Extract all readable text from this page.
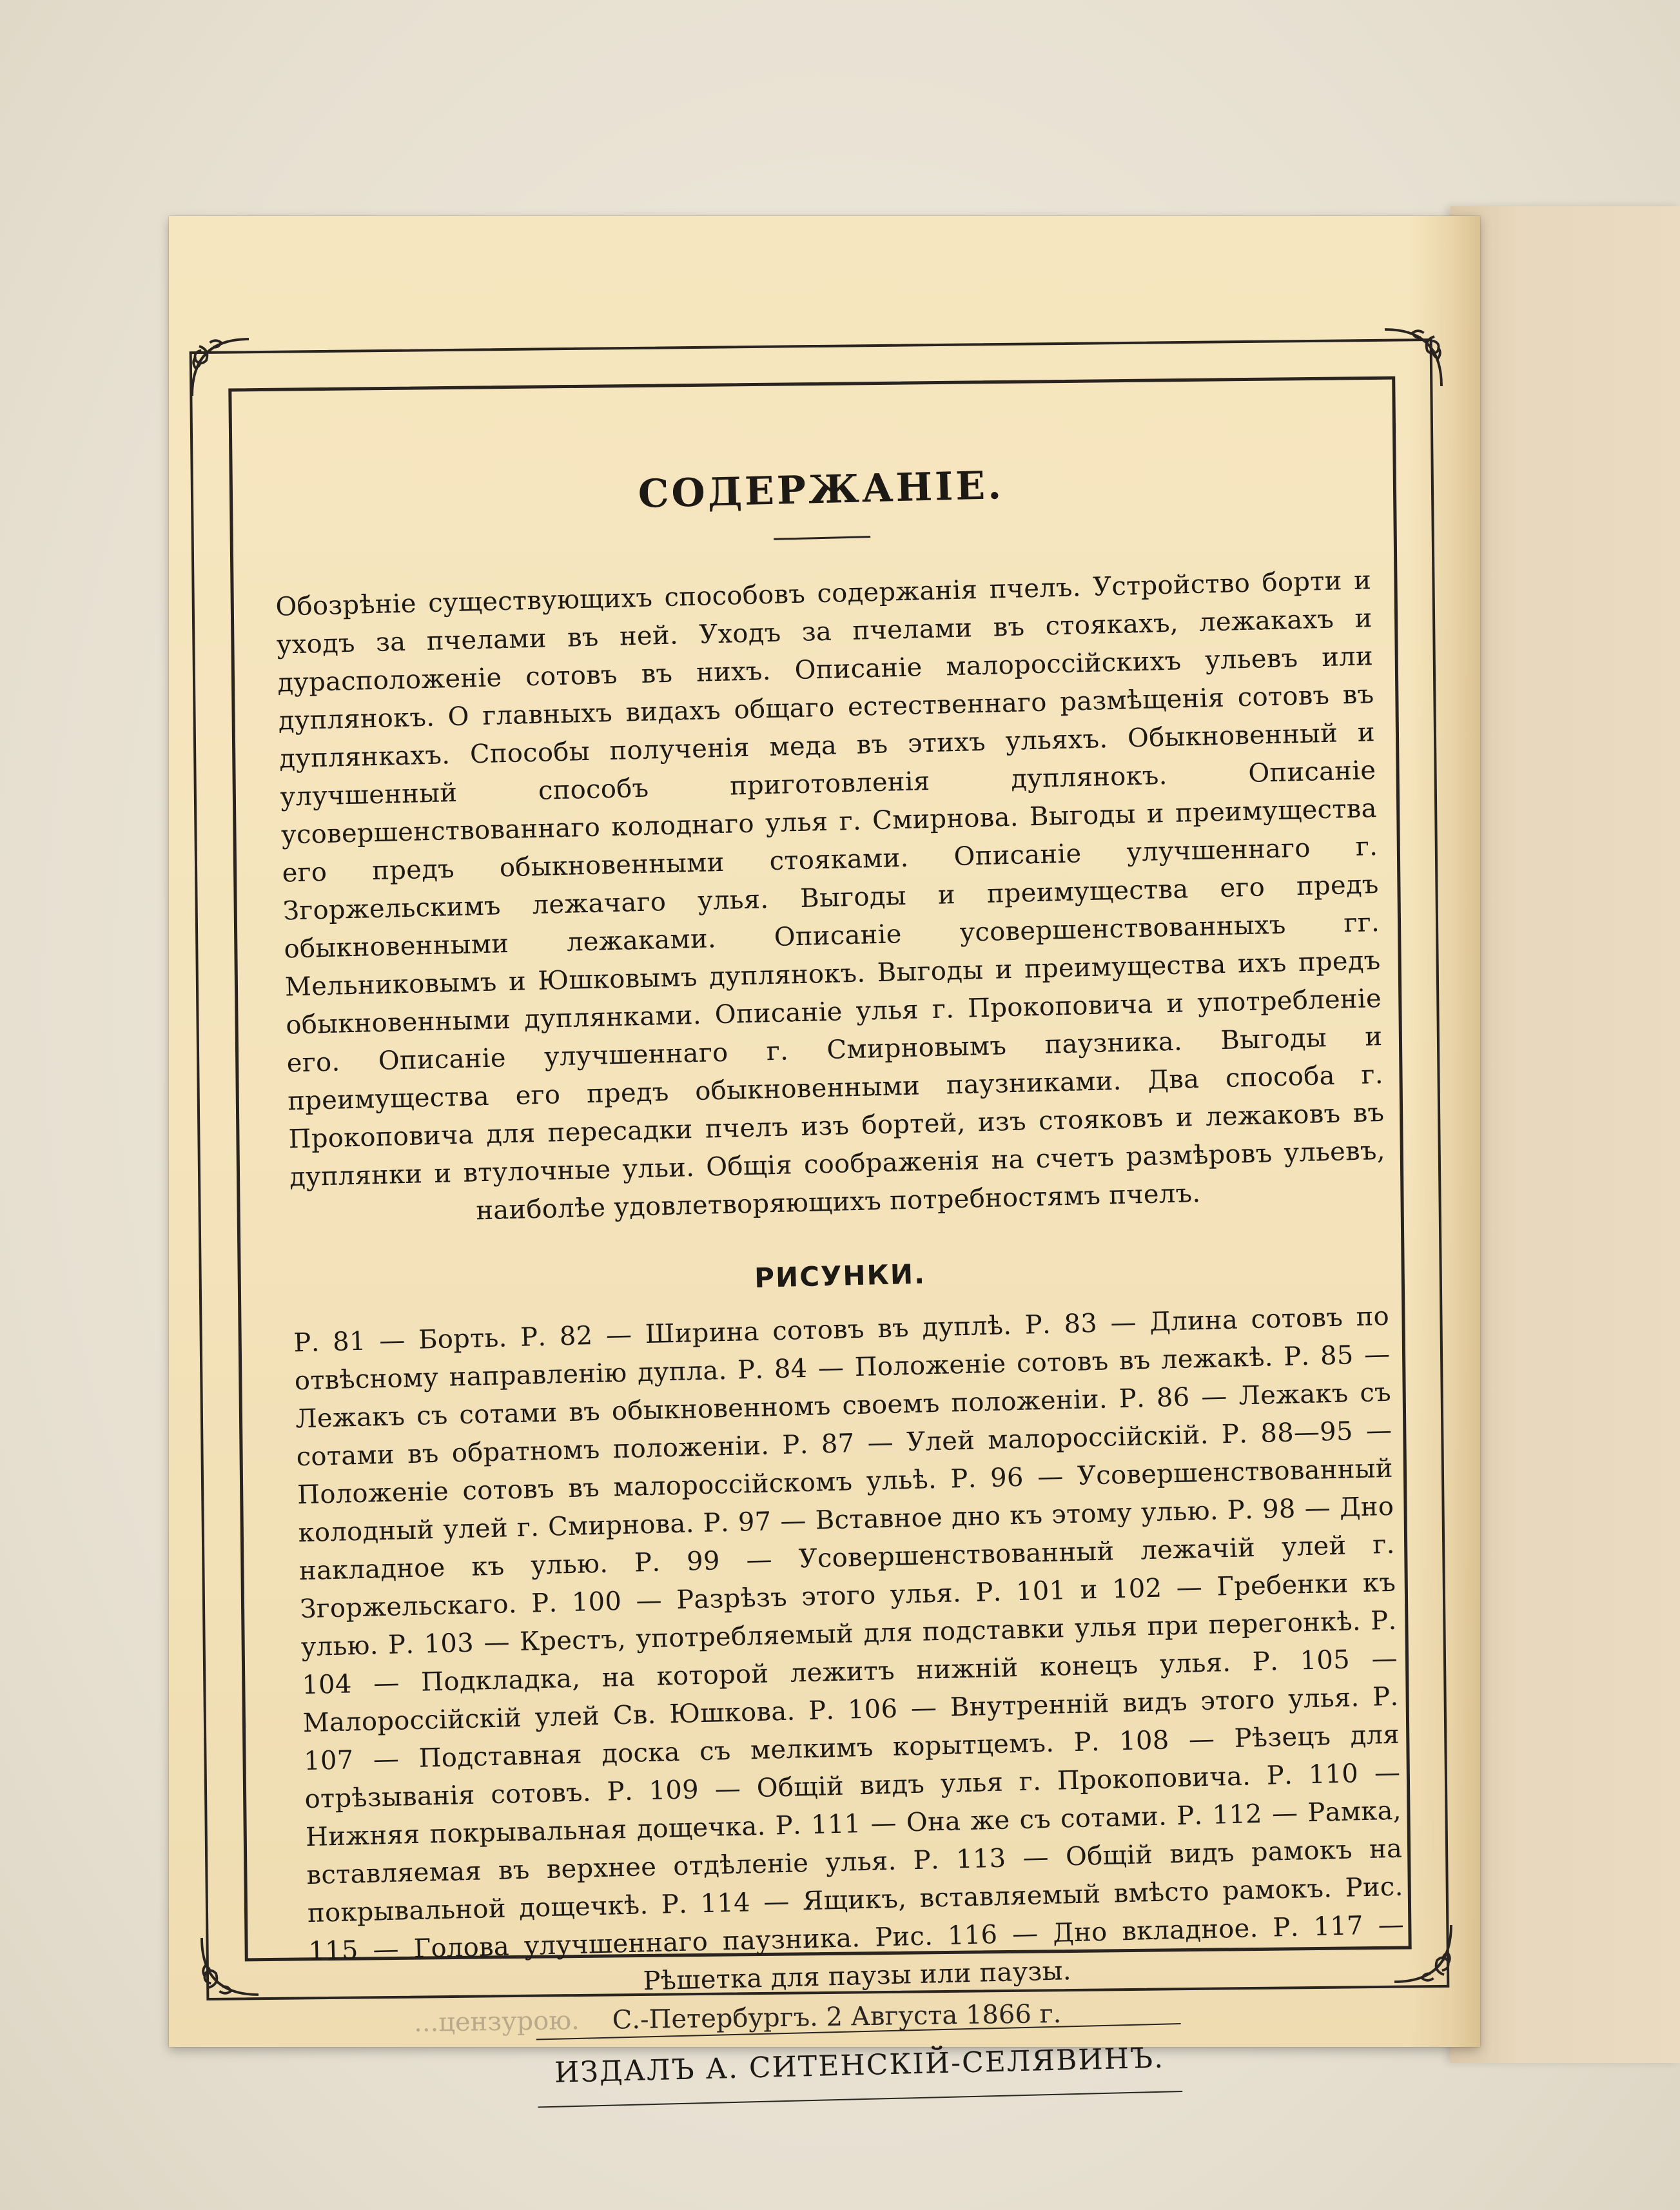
СОДЕРЖАНІЕ.

Обозрѣніе существующихъ способовъ содержанія пчелъ. Устройство борти и уходъ за пчелами въ ней. Уходъ за пчелами въ стоякахъ, лежакахъ и дурасположеніе сотовъ въ нихъ. Описаніе малороссійскихъ ульевъ или дуплянокъ. О главныхъ видахъ общаго естественнаго размѣщенія сотовъ въ дуплянкахъ. Способы полученія меда въ этихъ ульяхъ. Обыкновенный и улучшенный способъ приготовленія дуплянокъ. Описаніе усовершенствованнаго колоднаго улья г. Смирнова. Выгоды и преимущества его предъ обыкновенными стояками. Описаніе улучшеннаго г. Згоржельскимъ лежачаго улья. Выгоды и преимущества его предъ обыкновенными лежаками. Описаніе усовершенствованныхъ гг. Мельниковымъ и Юшковымъ дуплянокъ. Выгоды и преимущества ихъ предъ обыкновенными дуплянками. Описаніе улья г. Прокоповича и употребленіе его. Описаніе улучшеннаго г. Смирновымъ паузника. Выгоды и преимущества его предъ обыкновенными паузниками. Два способа г. Прокоповича для пересадки пчелъ изъ бортей, изъ стояковъ и лежаковъ въ дуплянки и втулочные ульи. Общія соображенія на счетъ размѣровъ ульевъ, наиболѣе удовлетворяющихъ потребностямъ пчелъ.

РИСУНКИ.

Р. 81 — Борть. Р. 82 — Ширина сотовъ въ дуплѣ. Р. 83 — Длина сотовъ по отвѣсному направленію дупла. Р. 84 — Положеніе сотовъ въ лежакѣ. Р. 85 — Лежакъ съ сотами въ обыкновенномъ своемъ положеніи. Р. 86 — Лежакъ съ сотами въ обратномъ положеніи. Р. 87 — Улей малороссійскій. Р. 88—95 — Положеніе сотовъ въ малороссійскомъ ульѣ. Р. 96 — Усовершенствованный колодный улей г. Смирнова. Р. 97 — Вставное дно къ этому улью. Р. 98 — Дно накладное къ улью. Р. 99 — Усовершенствованный лежачій улей г. Згоржельскаго. Р. 100 — Разрѣзъ этого улья. Р. 101 и 102 — Гребенки къ улью. Р. 103 — Крестъ, употребляемый для подставки улья при перегонкѣ. Р. 104 — Подкладка, на которой лежитъ нижній конецъ улья. Р. 105 — Малороссійскій улей Св. Юшкова. Р. 106 — Внутренній видъ этого улья. Р. 107 — Подставная доска съ мелкимъ корытцемъ. Р. 108 — Рѣзецъ для отрѣзыванія сотовъ. Р. 109 — Общій видъ улья г. Прокоповича. Р. 110 — Нижняя покрывальная дощечка. Р. 111 — Она же съ сотами. Р. 112 — Рамка, вставляемая въ верхнее отдѣленіе улья. Р. 113 — Общій видъ рамокъ на покрывальной дощечкѣ. Р. 114 — Ящикъ, вставляемый вмѣсто рамокъ. Рис. 115 — Голова улучшеннаго паузника. Рис. 116 — Дно вкладное. Р. 117 — Рѣшетка для паузы или паузы.

ИЗДАЛЪ А. СИТЕНСКІЙ-СЕЛЯВИНЪ.
...цензурою. С.-Петербургъ. 2 Августа 1866 г.
